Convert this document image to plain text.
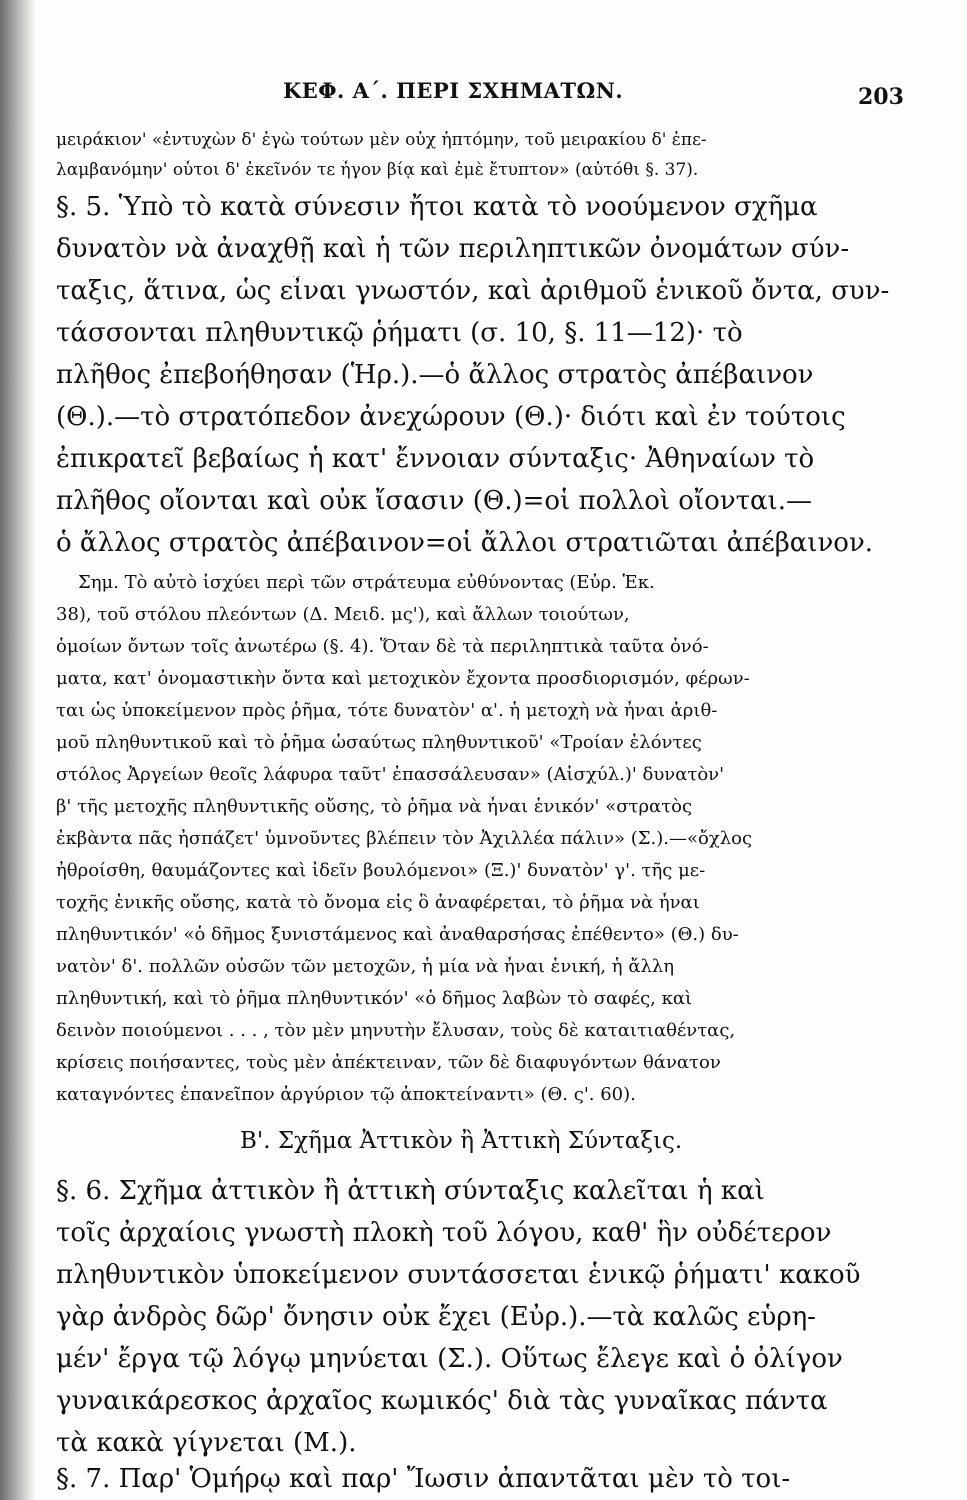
ΚΕΦ. Α΄. ΠΕΡΙ ΣΧΗΜΑΤΩΝ.	203
μειράκιον' «ἐντυχὼν δ' ἐγὼ τούτων μὲν οὐχ ἡπτόμην, τοῦ μειρακίου δ' ἐπε-
λαμβανόμην' οὗτοι δ' ἐκεῖνόν τε ἦγον βίᾳ καὶ ἐμὲ ἔτυπτον» (αὐτόθι §. 37).
§. 5. Ὑπὸ τὸ κατὰ σύνεσιν ἤτοι κατὰ τὸ νοούμενον σχῆμα
δυνατὸν νὰ ἀναχθῇ καὶ ἡ τῶν περιληπτικῶν ὀνομάτων σύν-
ταξις, ἅτινα, ὡς εἶναι γνωστόν, καὶ ἀριθμοῦ ἑνικοῦ ὄντα, συν-
τάσσονται πληθυντικῷ ῥήματι (σ. 10, §. 11—12)· τὸ
πλῆθος ἐπεβοήθησαν (Ἡρ.).—ὁ ἄλλος στρατὸς ἀπέβαινον
(Θ.).—τὸ στρατόπεδον ἀνεχώρουν (Θ.)· διότι καὶ ἐν τούτοις
ἐπικρατεῖ βεβαίως ἡ κατ' ἔννοιαν σύνταξις· Ἀθηναίων τὸ
πλῆθος οἴονται καὶ οὐκ ἴσασιν (Θ.)=οἱ πολλοὶ οἴονται.—
ὁ ἄλλος στρατὸς ἀπέβαινον=οἱ ἄλλοι στρατιῶται ἀπέβαινον.
Σημ. Τὸ αὐτὸ ἰσχύει περὶ τῶν στράτευμα εὐθύνοντας (Εὐρ. Ἑκ.
38), τοῦ στόλου πλεόντων (Δ. Μειδ. μς'), καὶ ἄλλων τοιούτων,
ὁμοίων ὄντων τοῖς ἀνωτέρω (§. 4). Ὅταν δὲ τὰ περιληπτικὰ ταῦτα ὀνό-
ματα, κατ' ὀνομαστικὴν ὄντα καὶ μετοχικὸν ἔχοντα προσδιορισμόν, φέρων-
ται ὡς ὑποκείμενον πρὸς ῥῆμα, τότε δυνατὸν' α'. ἡ μετοχὴ νὰ ἦναι ἀριθ-
μοῦ πληθυντικοῦ καὶ τὸ ῥῆμα ὡσαύτως πληθυντικοῦ' «Τροίαν ἑλόντες
στόλος Ἀργείων θεοῖς λάφυρα ταῦτ' ἐπασσάλευσαν» (Αἰσχύλ.)' δυνατὸν'
β' τῆς μετοχῆς πληθυντικῆς οὔσης, τὸ ῥῆμα νὰ ἦναι ἑνικόν' «στρατὸς
ἐκβὰντα πᾶς ἠσπάζετ' ὑμνοῦντες βλέπειν τὸν Ἀχιλλέα πάλιν» (Σ.).—«ὄχλος
ἠθροίσθη, θαυμάζοντες καὶ ἰδεῖν βουλόμενοι» (Ξ.)' δυνατὸν' γ'. τῆς με-
τοχῆς ἑνικῆς οὔσης, κατὰ τὸ ὄνομα εἰς ὃ ἀναφέρεται, τὸ ῥῆμα νὰ ἦναι
πληθυντικόν' «ὁ δῆμος ξυνιστάμενος καὶ ἀναθαρσήσας ἐπέθεντο» (Θ.) δυ-
νατὸν' δ'. πολλῶν οὐσῶν τῶν μετοχῶν, ἡ μία νὰ ἦναι ἑνική, ἡ ἄλλη
πληθυντική, καὶ τὸ ῥῆμα πληθυντικόν' «ὁ δῆμος λαβὼν τὸ σαφές, καὶ
δεινὸν ποιούμενοι . . . , τὸν μὲν μηνυτὴν ἔλυσαν, τοὺς δὲ καταιτιαθέντας,
κρίσεις ποιήσαντες, τοὺς μὲν ἀπέκτειναν, τῶν δὲ διαφυγόντων θάνατον
καταγνόντες ἐπανεῖπον ἀργύριον τῷ ἀποκτείναντι» (Θ. ς'. 60).
Β'. Σχῆμα Ἀττικὸν ἢ Ἀττικὴ Σύνταξις.
§. 6. Σχῆμα ἀττικὸν ἢ ἀττικὴ σύνταξις καλεῖται ἡ καὶ
τοῖς ἀρχαίοις γνωστὴ πλοκὴ τοῦ λόγου, καθ' ἣν οὐδέτερον
πληθυντικὸν ὑποκείμενον συντάσσεται ἑνικῷ ῥήματι' κακοῦ
γὰρ ἀνδρὸς δῶρ' ὄνησιν οὐκ ἔχει (Εὐρ.).—τὰ καλῶς εὑρη-
μέν' ἔργα τῷ λόγῳ μηνύεται (Σ.). Οὕτως ἔλεγε καὶ ὁ ὀλίγον
γυναικάρεσκος ἀρχαῖος κωμικός' διὰ τὰς γυναῖκας πάντα
τὰ κακὰ γίγνεται (Μ.).
§. 7. Παρ' Ὁμήρῳ καὶ παρ' Ἴωσιν ἀπαντᾶται μὲν τὸ τοι-
